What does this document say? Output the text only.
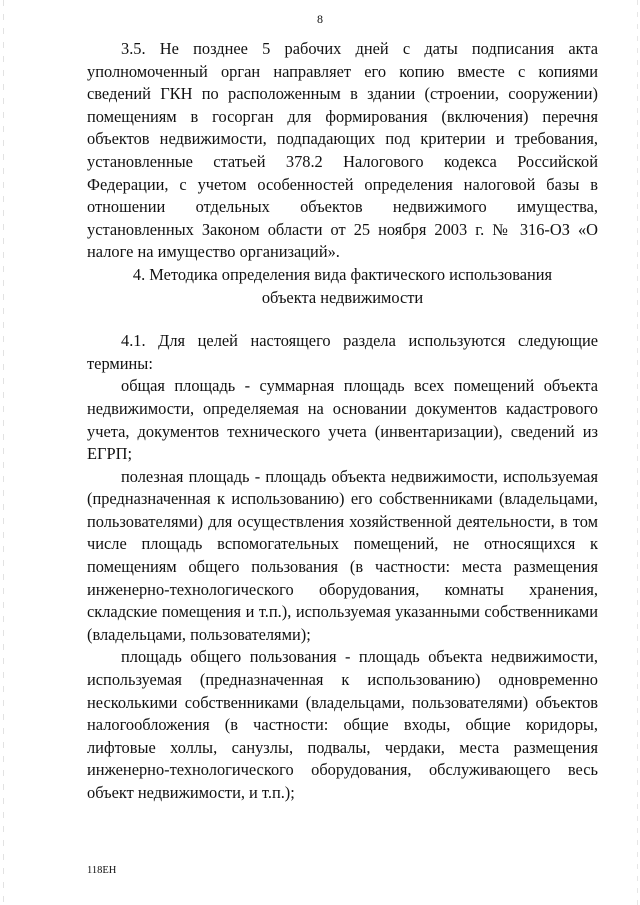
8

3.5. Не позднее 5 рабочих дней с даты подписания акта уполномоченный орган направляет его копию вместе с копиями сведений ГКН по расположенным в здании (строении, сооружении) помещениям в госорган для формирования (включения) перечня объектов недвижимости, подпадающих под критерии и требования, установленные статьей 378.2 Налогового кодекса Российской Федерации, с учетом особенностей определения налоговой базы в отношении отдельных объектов недвижимого имущества, установленных Законом области от 25 ноября 2003 г. № 316-ОЗ «О налоге на имущество организаций».

4. Методика определения вида фактического использования

объекта недвижимости

4.1. Для целей настоящего раздела используются следующие термины:

общая площадь - суммарная площадь всех помещений объекта недвижимости, определяемая на основании документов кадастрового учета, документов технического учета (инвентаризации), сведений из ЕГРП;

полезная площадь - площадь объекта недвижимости, используемая (предназначенная к использованию) его собственниками (владельцами, пользователями) для осуществления хозяйственной деятельности, в том числе площадь вспомогательных помещений, не относящихся к помещениям общего пользования (в частности: места размещения инженерно-технологического оборудования, комнаты хранения, складские помещения и т.п.), используемая указанными собственниками (владельцами, пользователями);

площадь общего пользования - площадь объекта недвижимости, используемая (предназначенная к использованию) одновременно несколькими собственниками (владельцами, пользователями) объектов налогообложения (в частности: общие входы, общие коридоры, лифтовые холлы, санузлы, подвалы, чердаки, места размещения инженерно-технологического оборудования, обслуживающего весь объект недвижимости, и т.п.);

118ЕН
